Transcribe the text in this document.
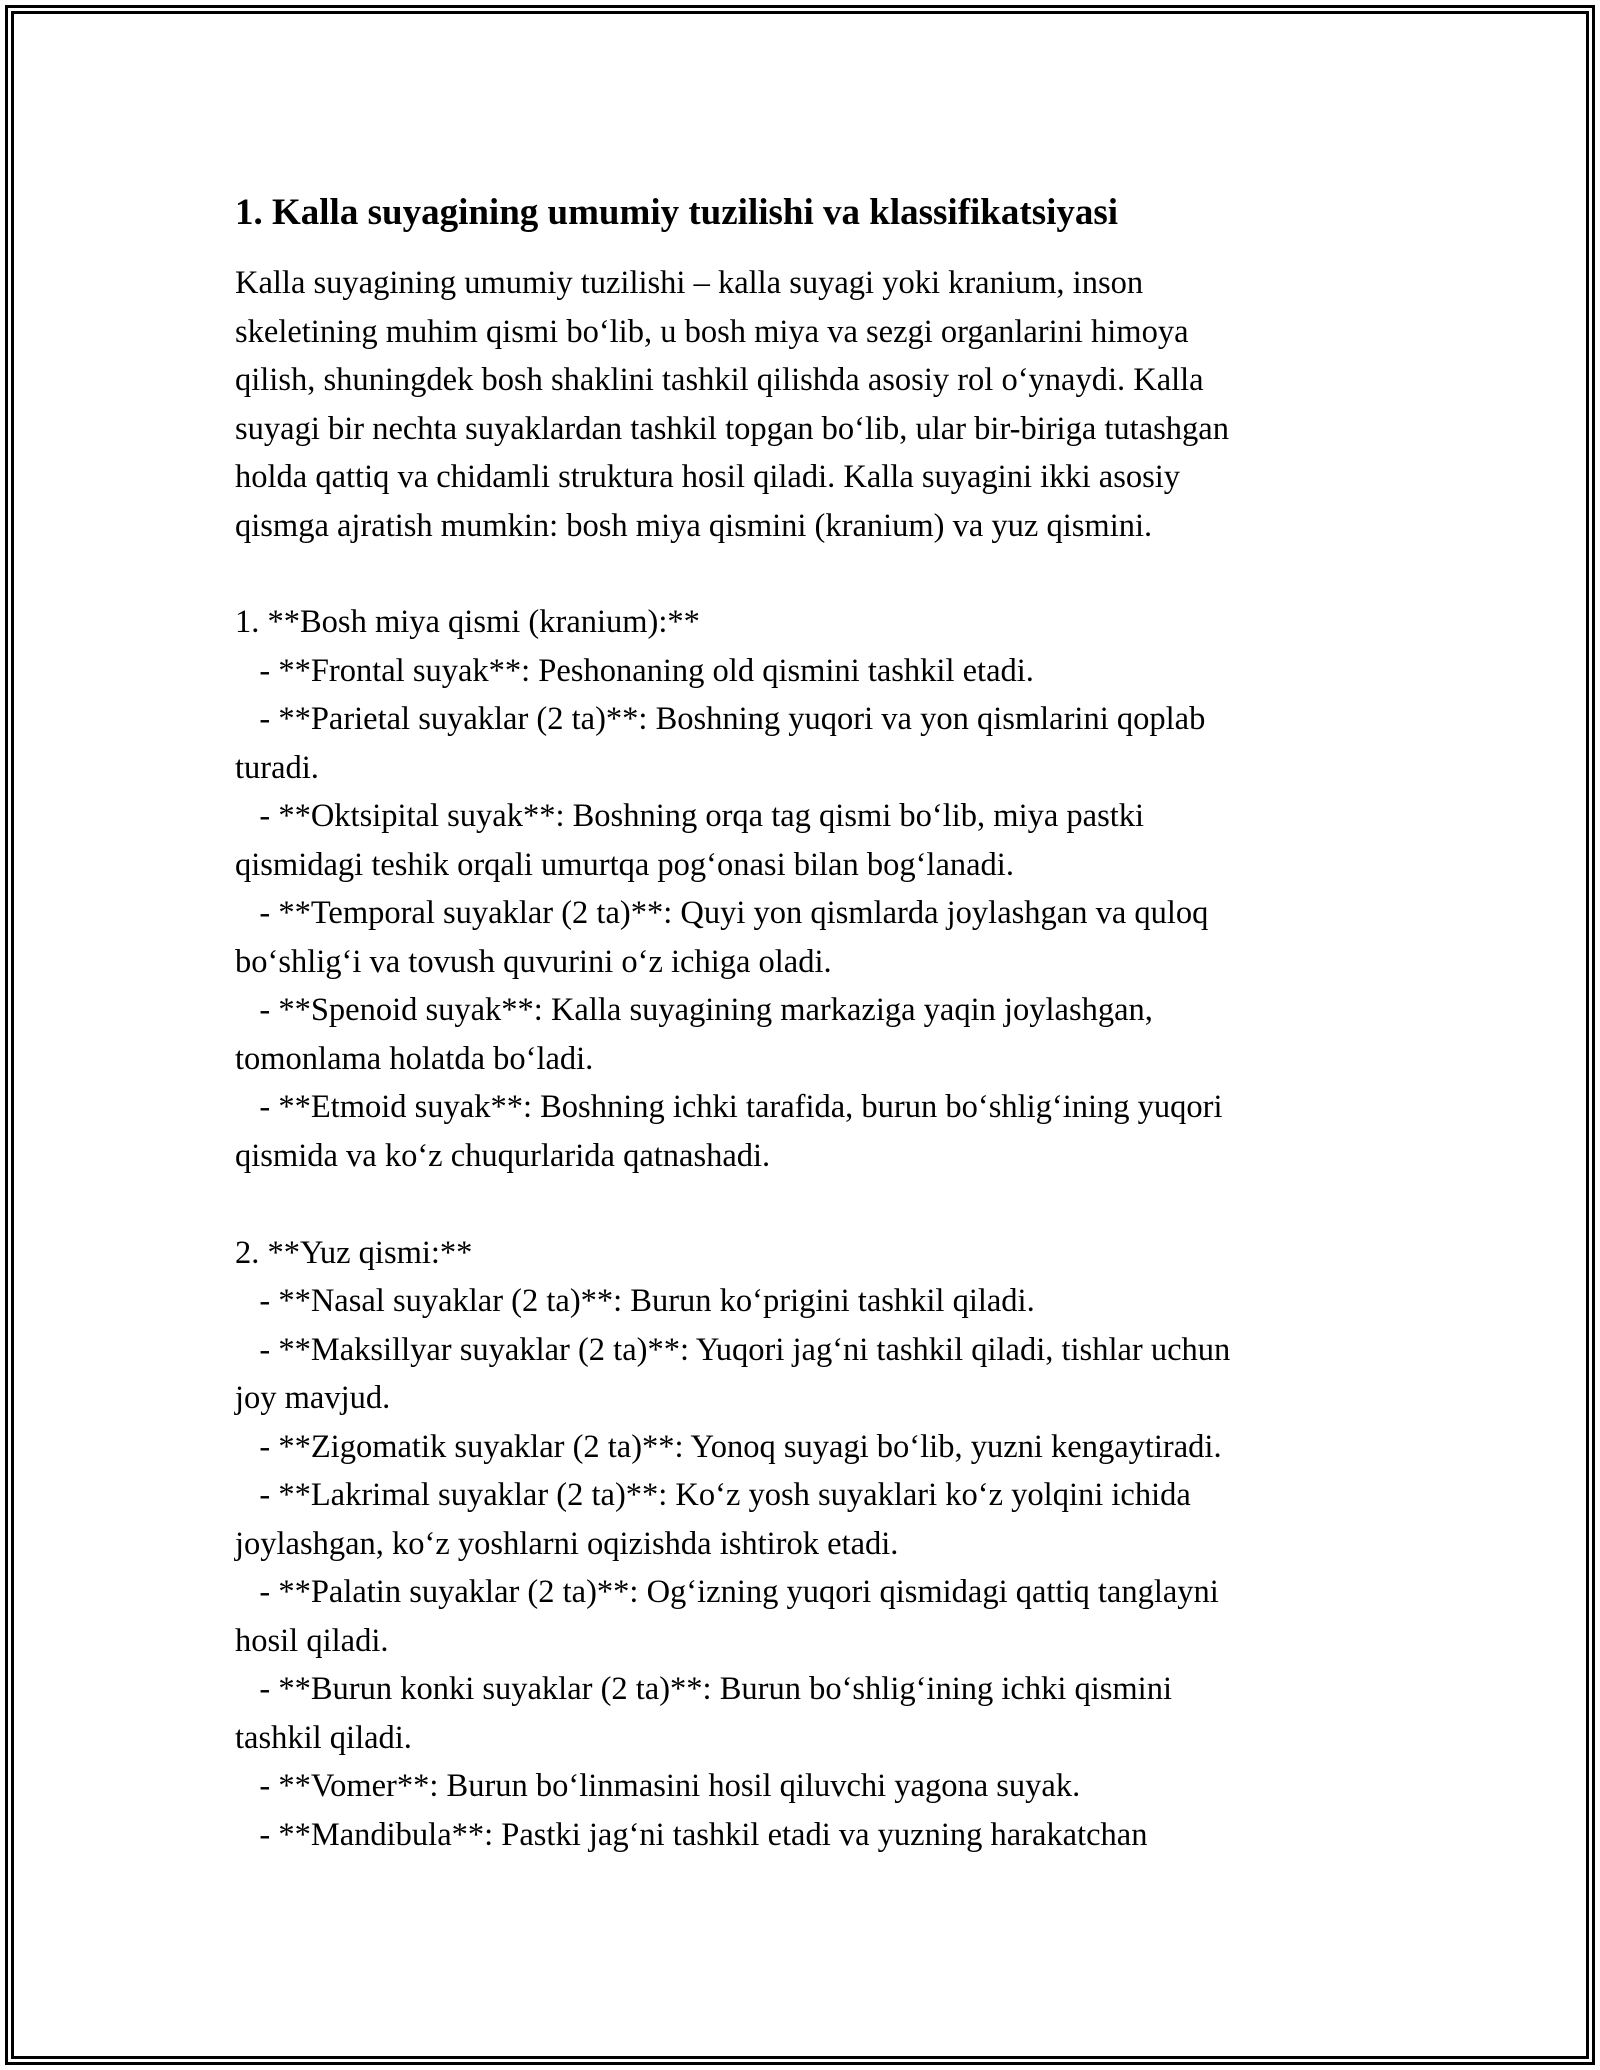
1. Kalla suyagining umumiy tuzilishi va klassifikatsiyasi
Kalla suyagining umumiy tuzilishi – kalla suyagi yoki kranium, inson
skeletining muhim qismi bo‘lib, u bosh miya va sezgi organlarini himoya
qilish, shuningdek bosh shaklini tashkil qilishda asosiy rol o‘ynaydi. Kalla
suyagi bir nechta suyaklardan tashkil topgan bo‘lib, ular bir-biriga tutashgan
holda qattiq va chidamli struktura hosil qiladi. Kalla suyagini ikki asosiy
qismga ajratish mumkin: bosh miya qismini (kranium) va yuz qismini.
1. **Bosh miya qismi (kranium):**
- **Frontal suyak**: Peshonaning old qismini tashkil etadi.
- **Parietal suyaklar (2 ta)**: Boshning yuqori va yon qismlarini qoplab
turadi.
- **Oktsipital suyak**: Boshning orqa tag qismi bo‘lib, miya pastki
qismidagi teshik orqali umurtqa pog‘onasi bilan bog‘lanadi.
- **Temporal suyaklar (2 ta)**: Quyi yon qismlarda joylashgan va quloq
bo‘shlig‘i va tovush quvurini o‘z ichiga oladi.
- **Spenoid suyak**: Kalla suyagining markaziga yaqin joylashgan,
tomonlama holatda bo‘ladi.
- **Etmoid suyak**: Boshning ichki tarafida, burun bo‘shlig‘ining yuqori
qismida va ko‘z chuqurlarida qatnashadi.
2. **Yuz qismi:**
- **Nasal suyaklar (2 ta)**: Burun ko‘prigini tashkil qiladi.
- **Maksillyar suyaklar (2 ta)**: Yuqori jag‘ni tashkil qiladi, tishlar uchun
joy mavjud.
- **Zigomatik suyaklar (2 ta)**: Yonoq suyagi bo‘lib, yuzni kengaytiradi.
- **Lakrimal suyaklar (2 ta)**: Ko‘z yosh suyaklari ko‘z yolqini ichida
joylashgan, ko‘z yoshlarni oqizishda ishtirok etadi.
- **Palatin suyaklar (2 ta)**: Og‘izning yuqori qismidagi qattiq tanglayni
hosil qiladi.
- **Burun konki suyaklar (2 ta)**: Burun bo‘shlig‘ining ichki qismini
tashkil qiladi.
- **Vomer**: Burun bo‘linmasini hosil qiluvchi yagona suyak.
- **Mandibula**: Pastki jag‘ni tashkil etadi va yuzning harakatchan
